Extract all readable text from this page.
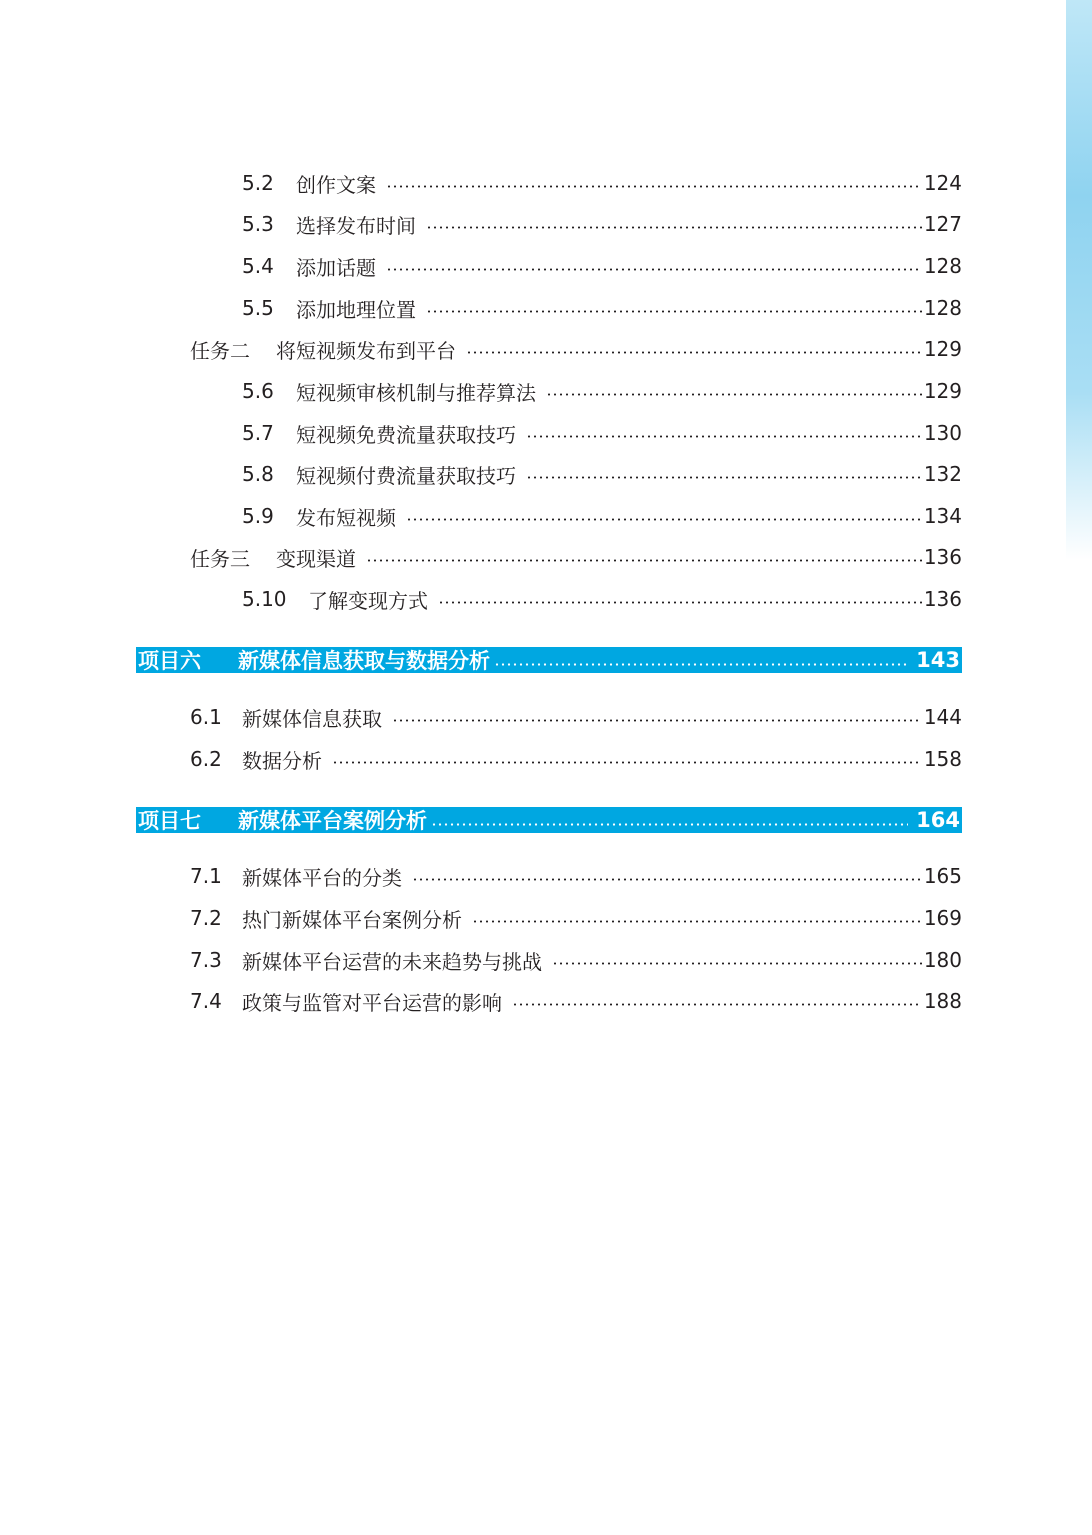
5.2	创作文案	124
5.3	选择发布时间	127
5.4	添加话题	128
5.5	添加地理位置	128
任务二	将短视频发布到平台	129
5.6	短视频审核机制与推荐算法	129
5.7	短视频免费流量获取技巧	130
5.8	短视频付费流量获取技巧	132
5.9	发布短视频	134
任务三	变现渠道	136
5.10	了解变现方式	136
项目六	新媒体信息获取与数据分析	143
6.1	新媒体信息获取	144
6.2	数据分析	158
项目七	新媒体平台案例分析	164
7.1	新媒体平台的分类	165
7.2	热门新媒体平台案例分析	169
7.3	新媒体平台运营的未来趋势与挑战	180
7.4	政策与监管对平台运营的影响	188
